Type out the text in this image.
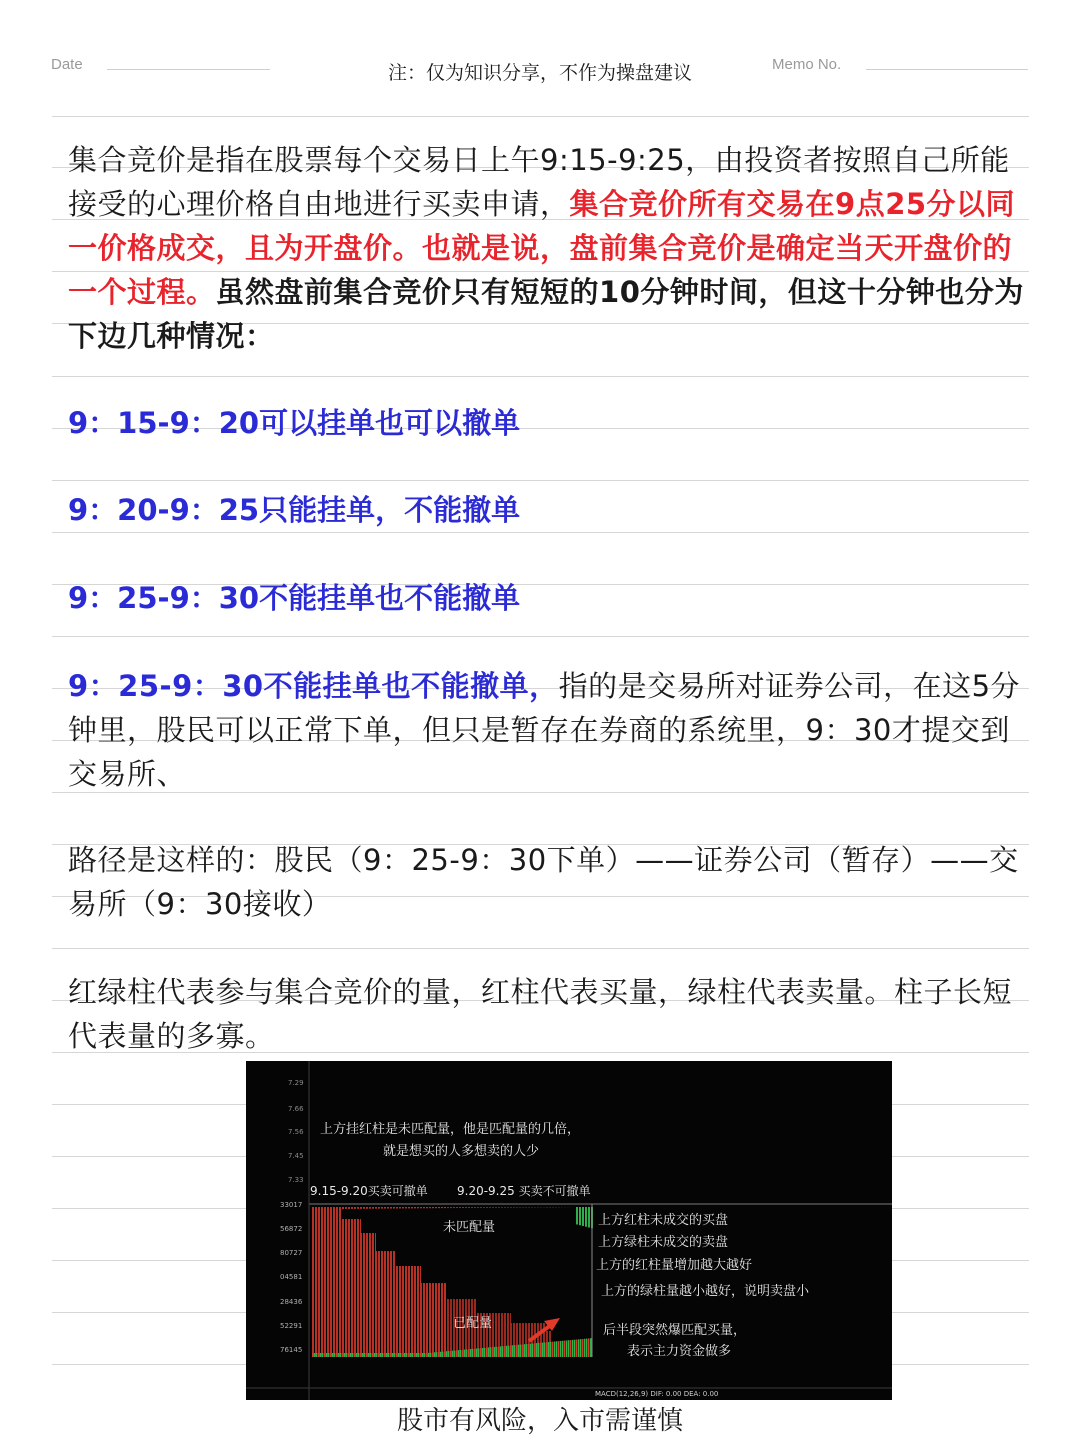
Date	注：仅为知识分享，不作为操盘建议	Memo No.
集合竞价是指在股票每个交易日上午9:15-9:25，由投资者按照自己所能接受的心理价格自由地进行买卖申请，集合竞价所有交易在9点25分以同一价格成交，且为开盘价。也就是说，盘前集合竞价是确定当天开盘价的一个过程。虽然盘前集合竞价只有短短的10分钟时间，但这十分钟也分为下边几种情况：
9：15-9：20可以挂单也可以撤单
9：20-9：25只能挂单，不能撤单
9：25-9：30不能挂单也不能撤单
9：25-9：30不能挂单也不能撤单，指的是交易所对证券公司，在这5分钟里，股民可以正常下单，但只是暂存在券商的系统里，9：30才提交到交易所、
路径是这样的：股民（9：25-9：30下单）——证券公司（暂存）——交易所（9：30接收）
红绿柱代表参与集合竞价的量，红柱代表买量，绿柱代表卖量。柱子长短代表量的多寡。
7.29
7.66
7.56
7.45
7.33
33017
56872
80727
04581
28436
52291
76145
上方挂红柱是未匹配量，他是匹配量的几倍，
就是想买的人多想卖的人少
9.15-9.20买卖可撤单 9.20-9.25 买卖不可撤单
未匹配量
已配量
上方红柱未成交的买盘
上方绿柱未成交的卖盘
上方的红柱量增加越大越好
上方的绿柱量越小越好，说明卖盘小
后半段突然爆匹配买量，
表示主力资金做多
MACD(12,26,9) DIF: 0.00 DEA: 0.00
股市有风险，入市需谨慎
